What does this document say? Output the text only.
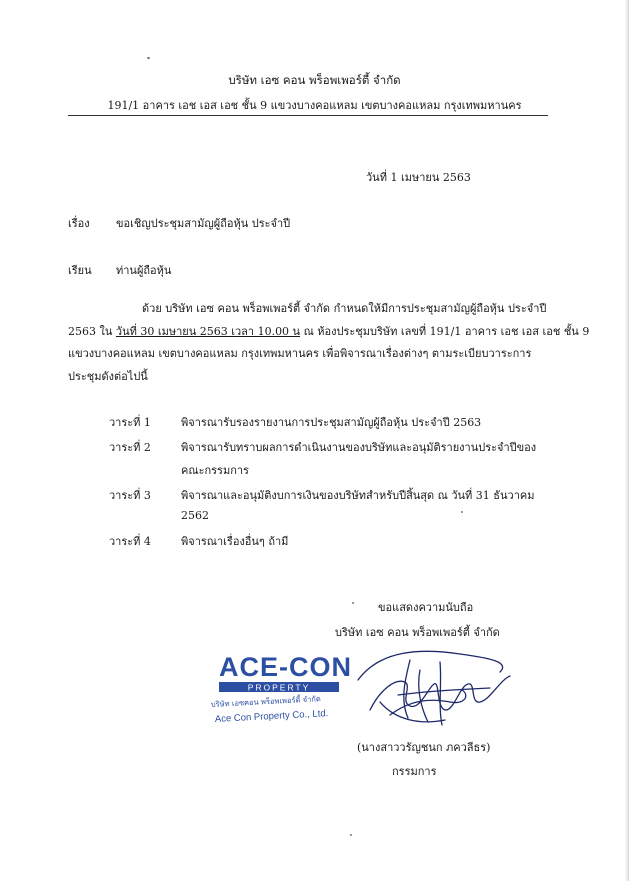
บริษัท เอซ คอน พร็อพเพอร์ตี้ จำกัด
191/1 อาคาร เอช เอส เอช ชั้น 9 แขวงบางคอแหลม เขตบางคอแหลม กรุงเทพมหานคร
วันที่ 1 เมษายน 2563
เรื่อง ขอเชิญประชุมสามัญผู้ถือหุ้น ประจำปี
เรียน ท่านผู้ถือหุ้น
ด้วย บริษัท เอซ คอน พร็อพเพอร์ตี้ จำกัด กำหนดให้มีการประชุมสามัญผู้ถือหุ้น ประจำปี
2563 ใน วันที่ 30 เมษายน 2563 เวลา 10.00 น ณ ห้องประชุมบริษัท เลขที่ 191/1 อาคาร เอช เอส เอช ชั้น 9
แขวงบางคอแหลม เขตบางคอแหลม กรุงเทพมหานคร เพื่อพิจารณาเรื่องต่างๆ ตามระเบียบวาระการ
ประชุมดังต่อไปนี้
วาระที่ 1	พิจารณารับรองรายงานการประชุมสามัญผู้ถือหุ้น ประจำปี 2563
วาระที่ 2	พิจารณารับทราบผลการดำเนินงานของบริษัทและอนุมัติรายงานประจำปีของ
คณะกรรมการ
วาระที่ 3	พิจารณาและอนุมัติงบการเงินของบริษัทสำหรับปีสิ้นสุด ณ วันที่ 31 ธันวาคม
2562
วาระที่ 4	พิจารณาเรื่องอื่นๆ ถ้ามี
ขอแสดงความนับถือ
บริษัท เอซ คอน พร็อพเพอร์ตี้ จำกัด
ACE-CON
PROPERTY
บริษัท เอซคอน พร็อพเพอร์ตี้ จำกัด
Ace Con Property Co., Ltd.
(นางสาววรัญชนก ภควลีธร)
กรรมการ
